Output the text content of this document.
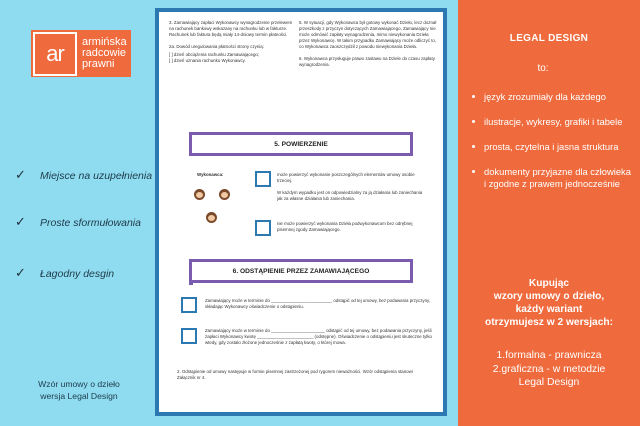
ar	armińska
radcowie
prawni
✓	Miejsce na uzupełnienia
✓	Proste sformułowania
✓	Łagodny desgin
Wzór umowy o dzieło
wersja Legal Design
3. Zamawiający zapłaci Wykonawcy wynagrodzenie przelewem na rachunek bankowy wskazany na rachunku lub w fakturze. Rachunek lub faktura będą miały 14-dniowy termin płatności.
2a. Dowód uregulowania płatności strony czynią:
[ ] dzień obciążenia rachunku Zamawiającego;
[ ] dzień uznania rachunku Wykonawcy.
5. W sytuacji, gdy Wykonawca był gotowy wykonać Dzieło, lecz doznał przeszkody z przyczyn dotyczących Zamawiającego, Zamawiający nie może odmówić zapłaty wynagrodzenia, mimo niewykonania Dzieła przez Wykonawcę. W takim przypadku Zamawiający może odliczyć to, co Wykonawca zaoszczędził z powodu niewykonania Dzieła.
6. Wykonawca przysługuje prawo zastawu na Dziele do czasu zapłaty wynagrodzenia.
5. POWIERZENIE
Wykonawca:	może powierzyć wykonanie poszczególnych elementów umowy osobie trzeciej.
W każdym wypadku jest on odpowiedzialny za ją działania lub zaniechania jak za własne działania lub zaniechania.
nie może powierzyć wykonania Dzieła podwykonawcom bez odrębnej pisemnej zgody Zamawiającego.
6. ODSTĄPIENIE PRZEZ ZAMAWIAJĄCEGO
Zamawiający może w terminie do _________________________ odstąpić od tej umowy, bez podawania przyczyny, składając Wykonawcy oświadczenie o odstąpieniu.
Zamawiający może w terminie do ______________________ odstąpić od tej umowy, bez podawania przyczyny, jeśli zapłaci Wykonawcy kwotę _______________________ (odstępne). Oświadczenie o odstąpieniu jest skuteczne tylko wtedy, gdy zostało złożone jednocześnie z zapłatą kwoty, o której mowa.
2. Odstąpienie od umowy następuje w formie pisemnej zastrzeżonej pod rygorem nieważności. Wzór odstąpienia stanowi Załącznik nr 4.
LEGAL DESIGN
to:
język zrozumiały dla każdego
ilustracje, wykresy, grafiki i tabele
prosta, czytelna i jasna struktura
dokumenty przyjazne dla człowieka i zgodne z prawem jednocześnie
Kupując
wzory umowy o dzieło,
każdy wariant
otrzymujesz w 2 wersjach:
1.formalna - prawnicza
2.graficzna - w metodzie
Legal Design
